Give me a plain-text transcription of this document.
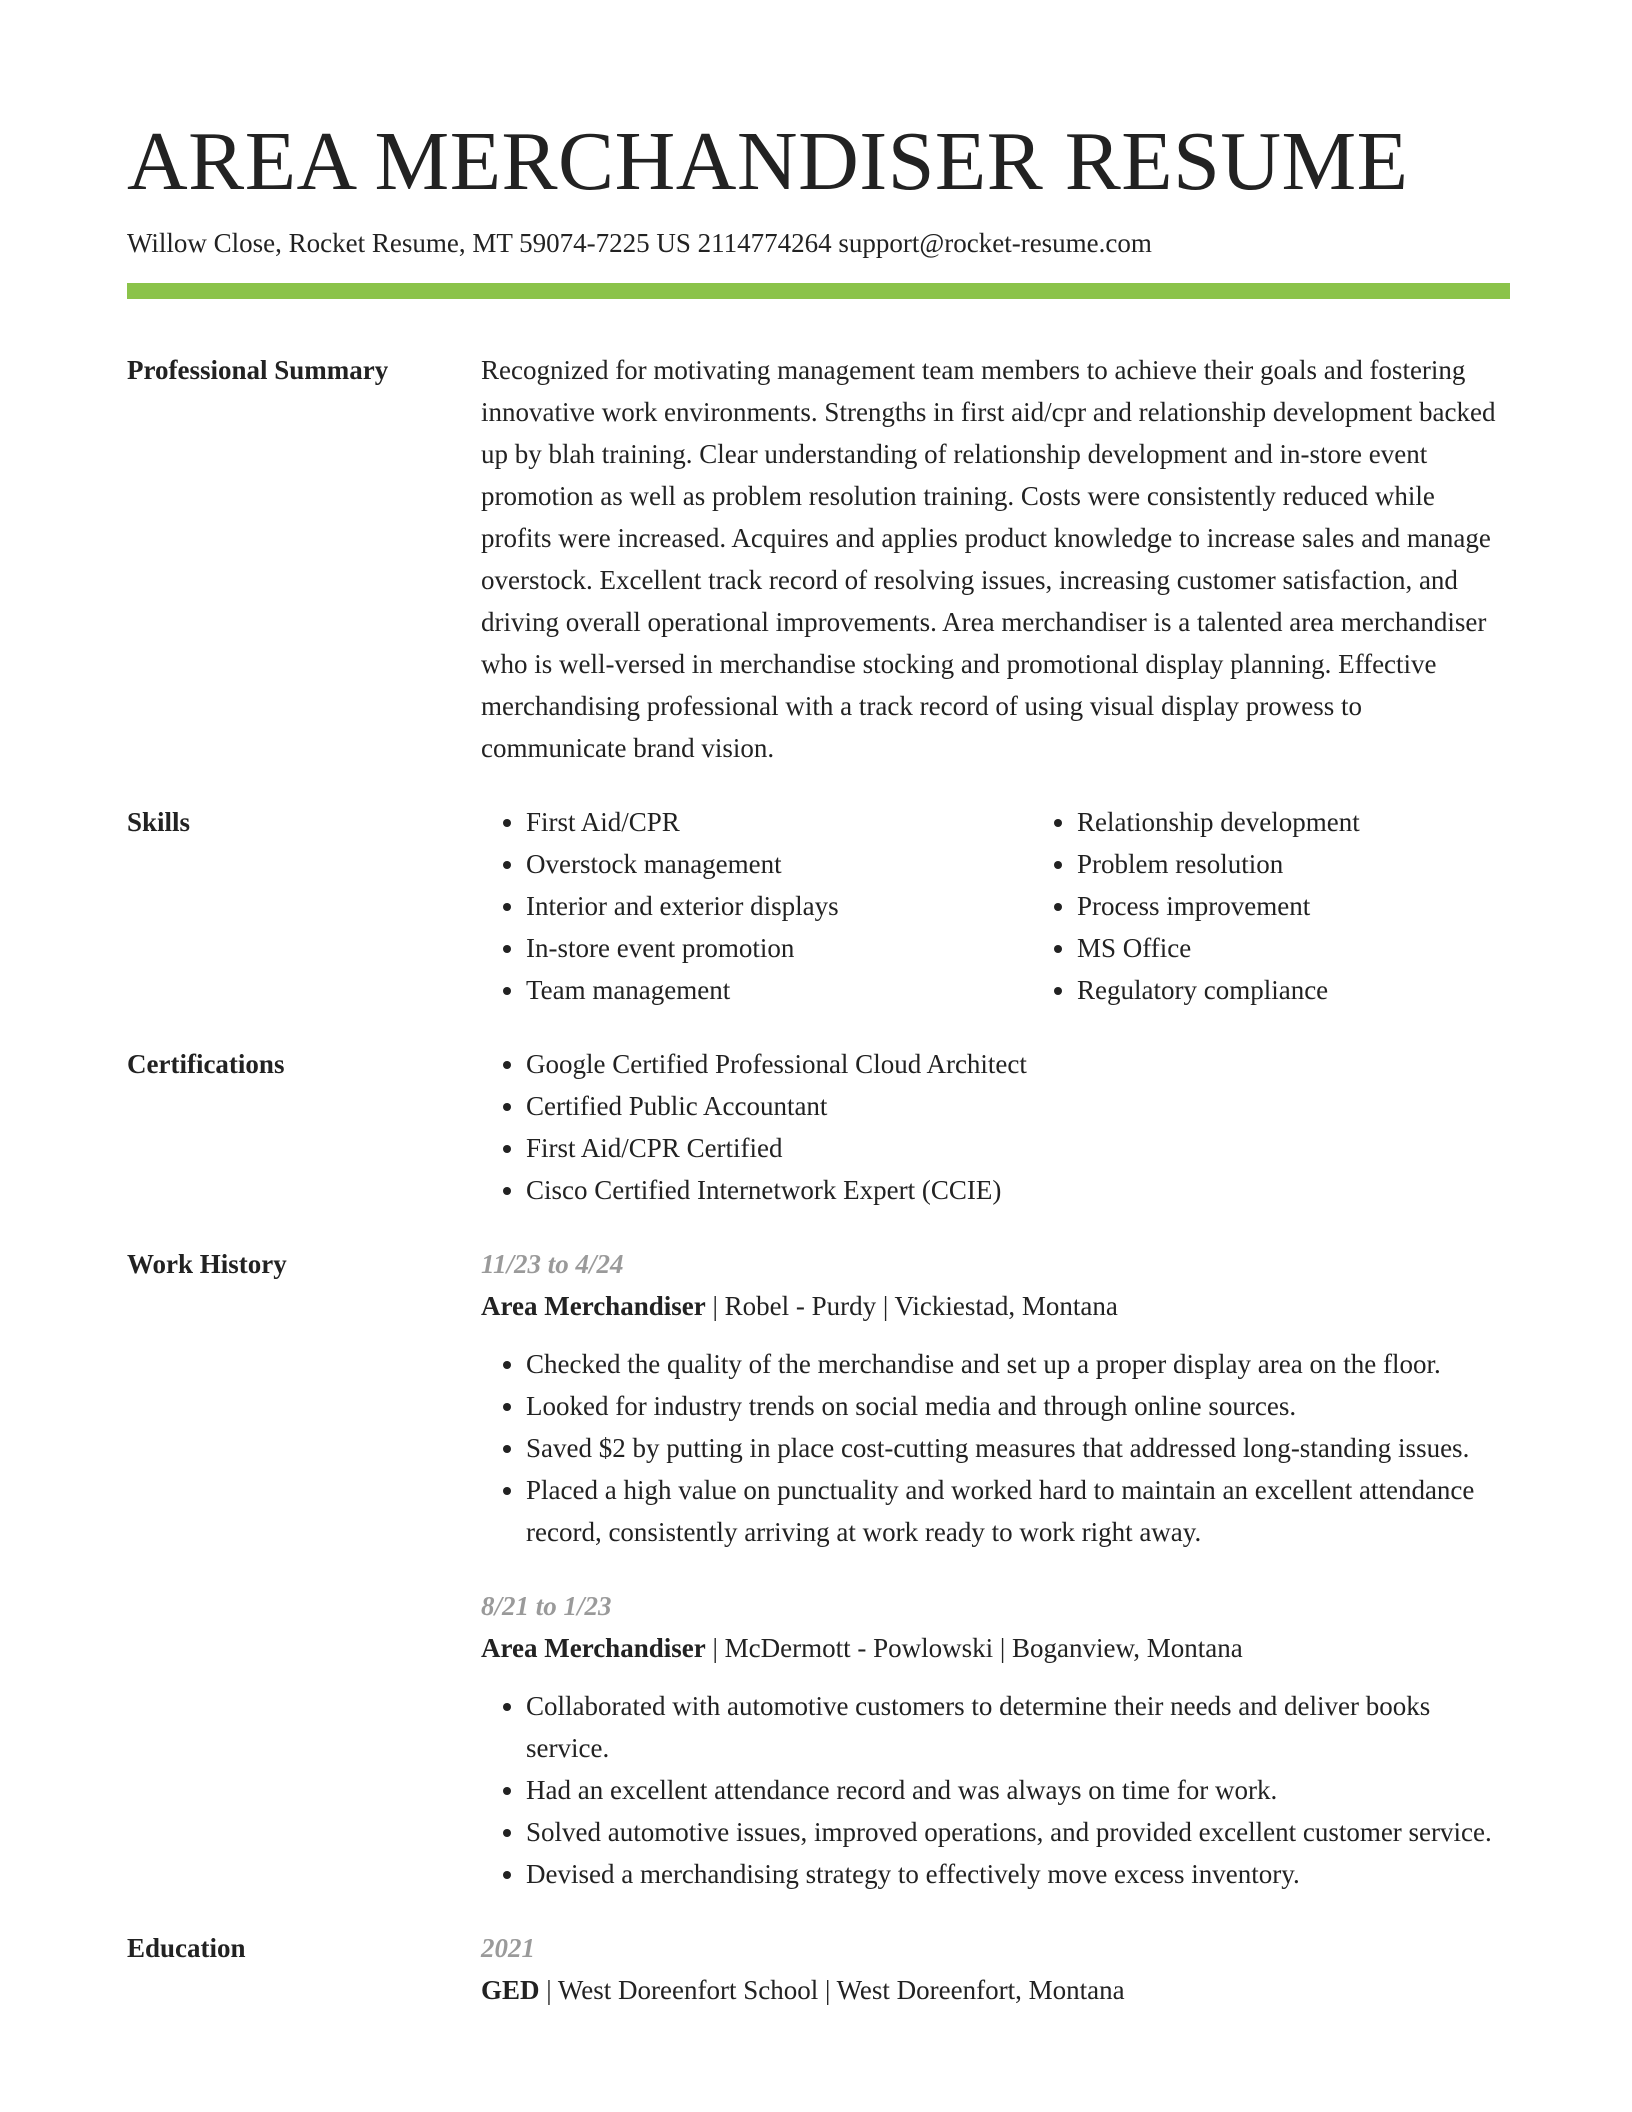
AREA MERCHANDISER RESUME
Willow Close, Rocket Resume, MT 59074-7225 US 2114774264 support@rocket-resume.com
Professional Summary	Recognized for motivating management team members to achieve their goals and fostering innovative work environments. Strengths in first aid/cpr and relationship development backed up by blah training. Clear understanding of relationship development and in-store event promotion as well as problem resolution training. Costs were consistently reduced while profits were increased. Acquires and applies product knowledge to increase sales and manage overstock. Excellent track record of resolving issues, increasing customer satisfaction, and driving overall operational improvements. Area merchandiser is a talented area merchandiser who is well-versed in merchandise stocking and promotional display planning. Effective merchandising professional with a track record of using visual display prowess to communicate brand vision.
Skills	• First Aid/CPR
• Overstock management
• Interior and exterior displays
• In-store event promotion
• Team management
• Relationship development
• Problem resolution
• Process improvement
• MS Office
• Regulatory compliance
Certifications	• Google Certified Professional Cloud Architect
• Certified Public Accountant
• First Aid/CPR Certified
• Cisco Certified Internetwork Expert (CCIE)
Work History	11/23 to 4/24
Area Merchandiser | Robel - Purdy | Vickiestad, Montana
• Checked the quality of the merchandise and set up a proper display area on the floor.
• Looked for industry trends on social media and through online sources.
• Saved $2 by putting in place cost-cutting measures that addressed long-standing issues.
• Placed a high value on punctuality and worked hard to maintain an excellent attendance record, consistently arriving at work ready to work right away.
8/21 to 1/23
Area Merchandiser | McDermott - Powlowski | Boganview, Montana
• Collaborated with automotive customers to determine their needs and deliver books service.
• Had an excellent attendance record and was always on time for work.
• Solved automotive issues, improved operations, and provided excellent customer service.
• Devised a merchandising strategy to effectively move excess inventory.
Education	2021
GED | West Doreenfort School | West Doreenfort, Montana
